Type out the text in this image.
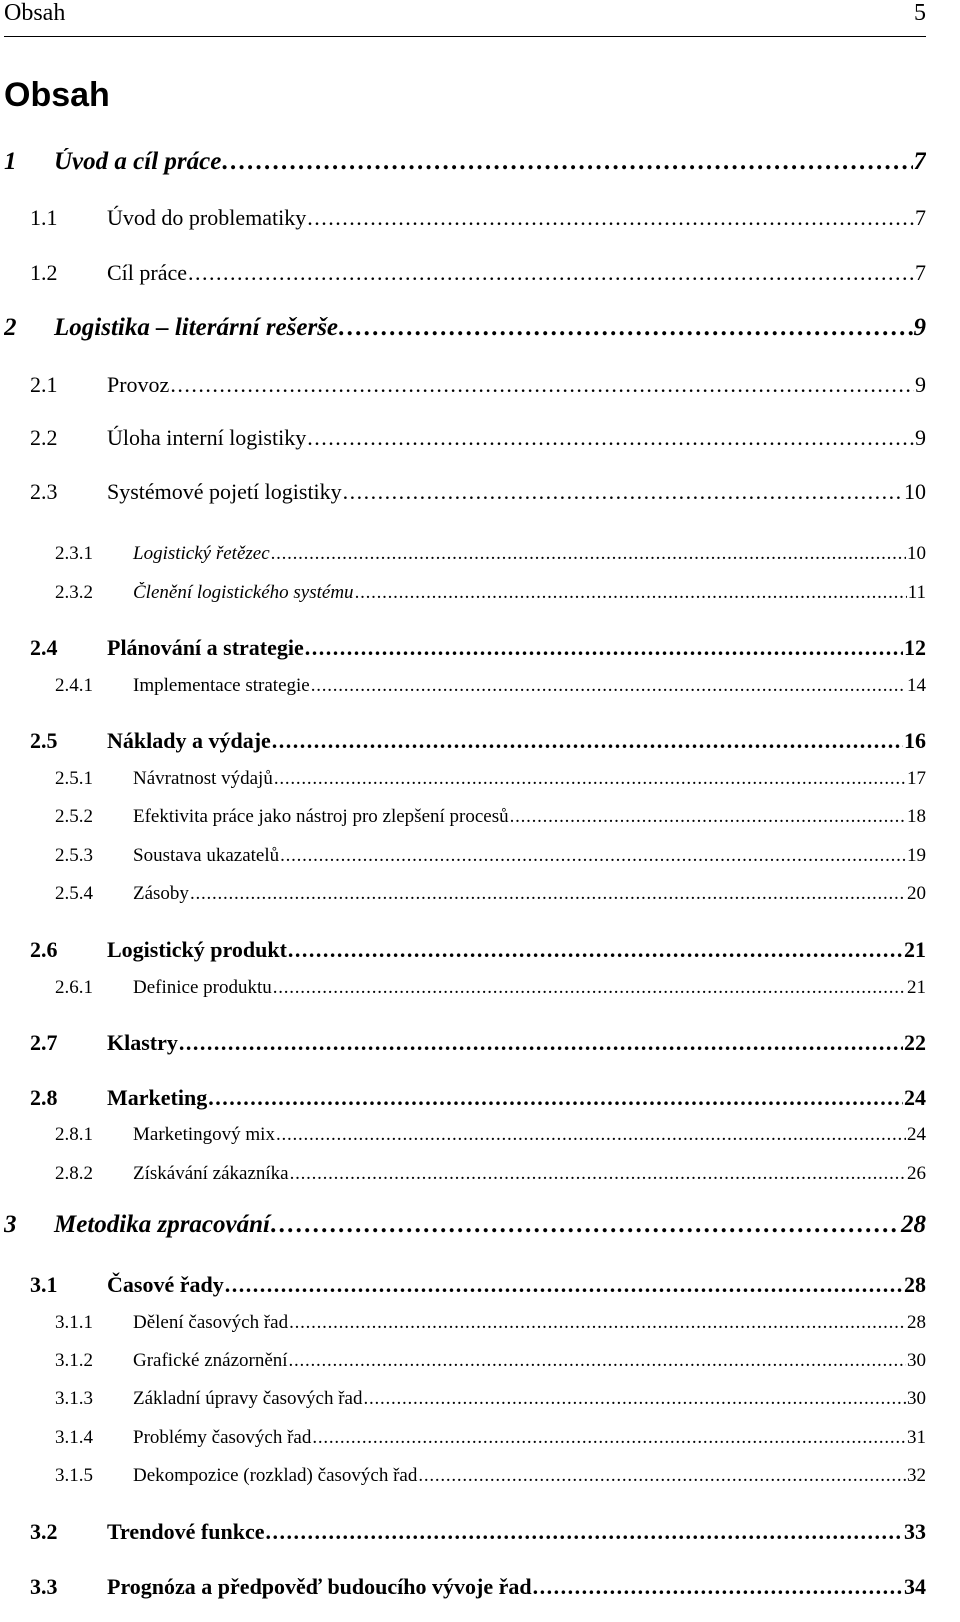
Obsah	5
Obsah
1	Úvod a cíl práce . . .	7
1.1	Úvod do problematiky . . .	7
1.2	Cíl práce . . .	7
2	Logistika – literární rešerše . . .	9
2.1	Provoz . . .	9
2.2	Úloha interní logistiky . . .	9
2.3	Systémové pojetí logistiky . . .	10
2.3.1	Logistický řetězec . . .	10
2.3.2	Členění logistického systému . . .	11
2.4	Plánování a strategie . . .	12
2.4.1	Implementace strategie . . .	14
2.5	Náklady a výdaje . . .	16
2.5.1	Návratnost výdajů . . .	17
2.5.2	Efektivita práce jako nástroj pro zlepšení procesů . . .	18
2.5.3	Soustava ukazatelů . . .	19
2.5.4	Zásoby . . .	20
2.6	Logistický produkt . . .	21
2.6.1	Definice produktu . . .	21
2.7	Klastry . . .	22
2.8	Marketing . . .	24
2.8.1	Marketingový mix . . .	24
2.8.2	Získávání zákazníka . . .	26
3	Metodika zpracování . . .	28
3.1	Časové řady . . .	28
3.1.1	Dělení časových řad . . .	28
3.1.2	Grafické znázornění . . .	30
3.1.3	Základní úpravy časových řad . . .	30
3.1.4	Problémy časových řad . . .	31
3.1.5	Dekompozice (rozklad) časových řad . . .	32
3.2	Trendové funkce . . .	33
3.3	Prognóza a předpověď budoucího vývoje řad . . .	34
